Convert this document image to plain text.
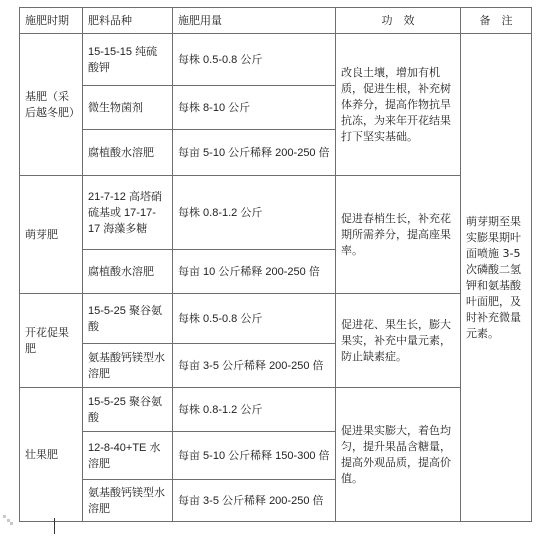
施肥时期	肥料品种	施肥用量	功　效	备　注
基肥（采后越冬肥）	15-15-15 纯硫酸钾	每株 0.5-0.8 公斤	改良土壤，增加有机质，促进生根，补充树体养分，提高作物抗旱抗冻，为来年开花结果打下坚实基础。	萌芽期至果实膨果期叶面喷施 3-5 次磷酸二氢钾和氨基酸叶面肥，及时补充微量元素。
	微生物菌剂	每株 8-10 公斤		
	腐植酸水溶肥	每亩 5-10 公斤稀释 200-250 倍		
萌芽肥	21-7-12 高塔硝硫基或 17-17-17 海藻多糖	每株 0.8-1.2 公斤	促进春梢生长，补充花期所需养分，提高座果率。	
	腐植酸水溶肥	每亩 10 公斤稀释 200-250 倍		
开花促果肥	15-5-25 聚谷氨酸	每株 0.5-0.8 公斤	促进花、果生长，膨大果实，补充中量元素，防止缺素症。	
	氨基酸钙镁型水溶肥	每亩 3-5 公斤稀释 200-250 倍		
壮果肥	15-5-25 聚谷氨酸	每株 0.8-1.2 公斤	促进果实膨大，着色均匀，提升果晶含糖量，提高外观品质，提高价值。	
	12-8-40+TE 水溶肥	每亩 5-10 公斤稀释 150-300 倍		
	氨基酸钙镁型水溶肥	每亩 3-5 公斤稀释 200-250 倍		
